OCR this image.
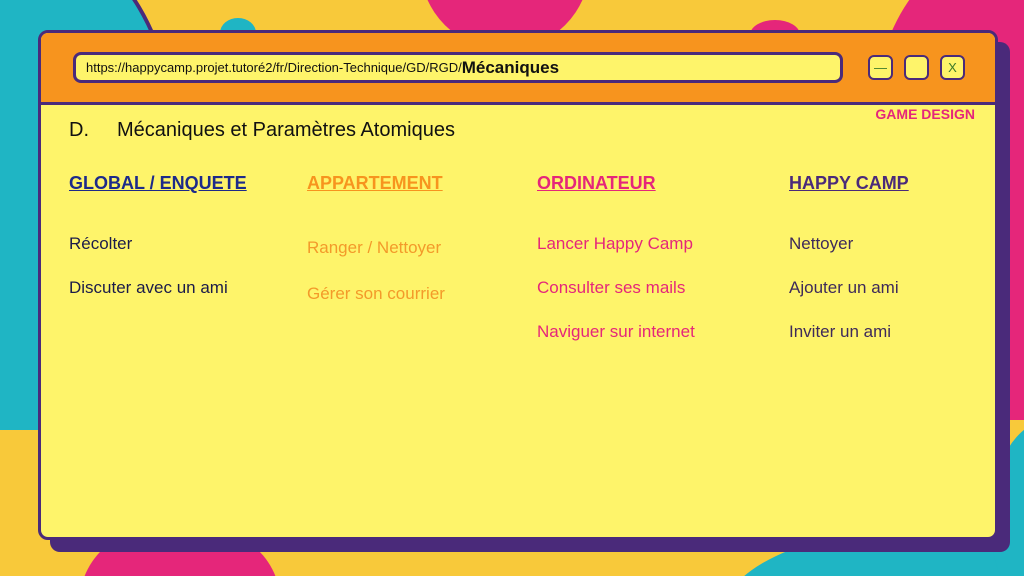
https://happycamp.projet.tutoré2/fr/Direction-Technique/GD/RGD/ Mécaniques	—	X
GAME DESIGN
D. Mécaniques et Paramètres Atomiques
GLOBAL / ENQUETE
Récolter
Discuter avec un ami
APPARTEMENT
Ranger / Nettoyer
Gérer son courrier
ORDINATEUR
Lancer Happy Camp
Consulter ses mails
Naviguer sur internet
HAPPY CAMP
Nettoyer
Ajouter un ami
Inviter un ami
